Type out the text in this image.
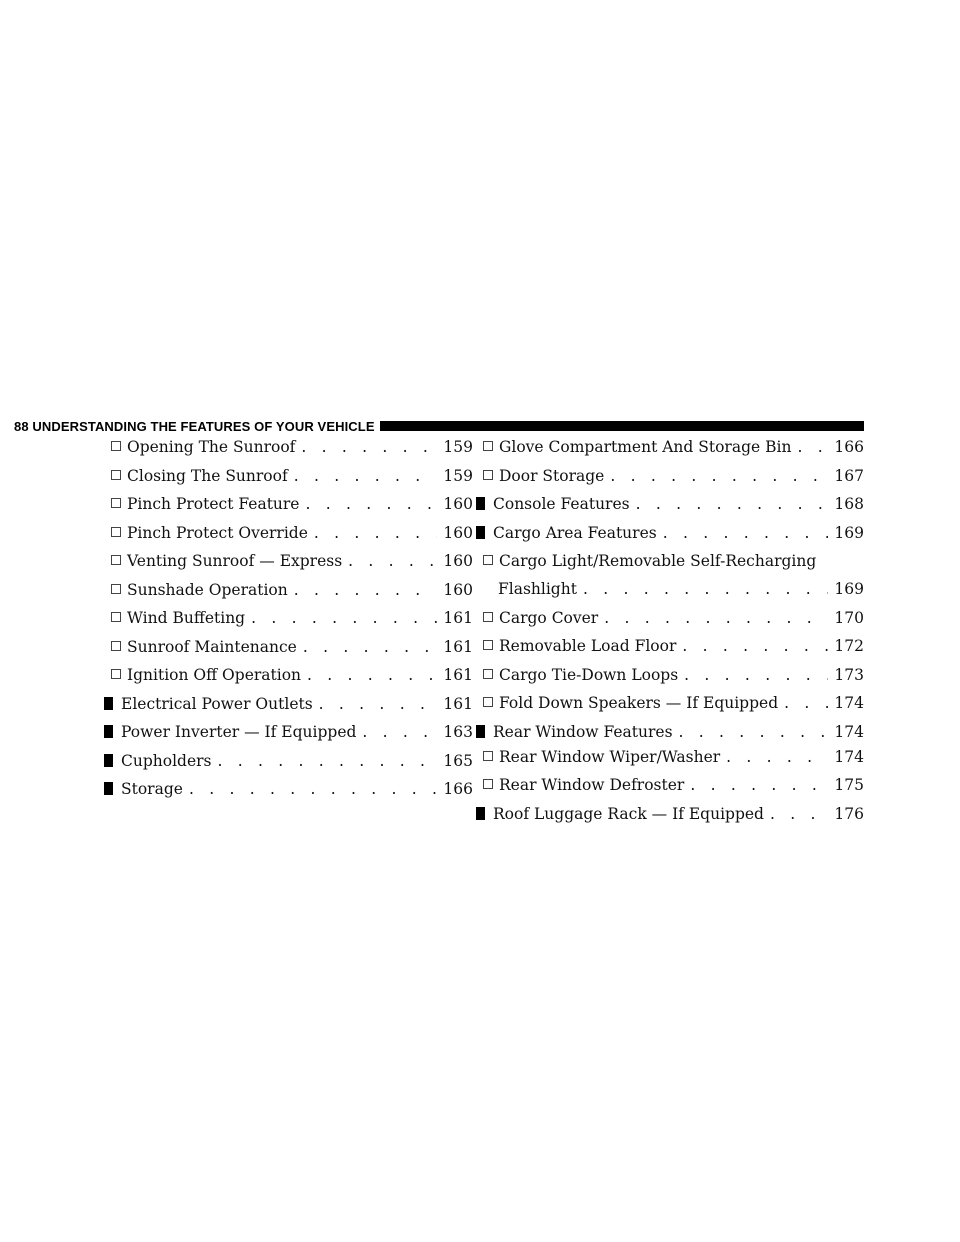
88 UNDERSTANDING THE FEATURES OF YOUR VEHICLE
Opening The Sunroof . . .	159
Closing The Sunroof . . .	159
Pinch Protect Feature . . .	160
Pinch Protect Override . . .	160
Venting Sunroof — Express . . .	160
Sunshade Operation . . .	160
Wind Buffeting . . .	161
Sunroof Maintenance . . .	161
Ignition Off Operation . . .	161
Electrical Power Outlets . . .	161
Power Inverter — If Equipped . . .	163
Cupholders . . .	165
Storage . . .	166
Glove Compartment And Storage Bin . . .	166
Door Storage . . .	167
Console Features . . .	168
Cargo Area Features . . .	169
Cargo Light/Removable Self-Recharging
Flashlight . . .	169
Cargo Cover . . .	170
Removable Load Floor . . .	172
Cargo Tie-Down Loops . . .	173
Fold Down Speakers — If Equipped . . .	174
Rear Window Features . . .	174
Rear Window Wiper/Washer . . .	174
Rear Window Defroster . . .	175
Roof Luggage Rack — If Equipped . . .	176
